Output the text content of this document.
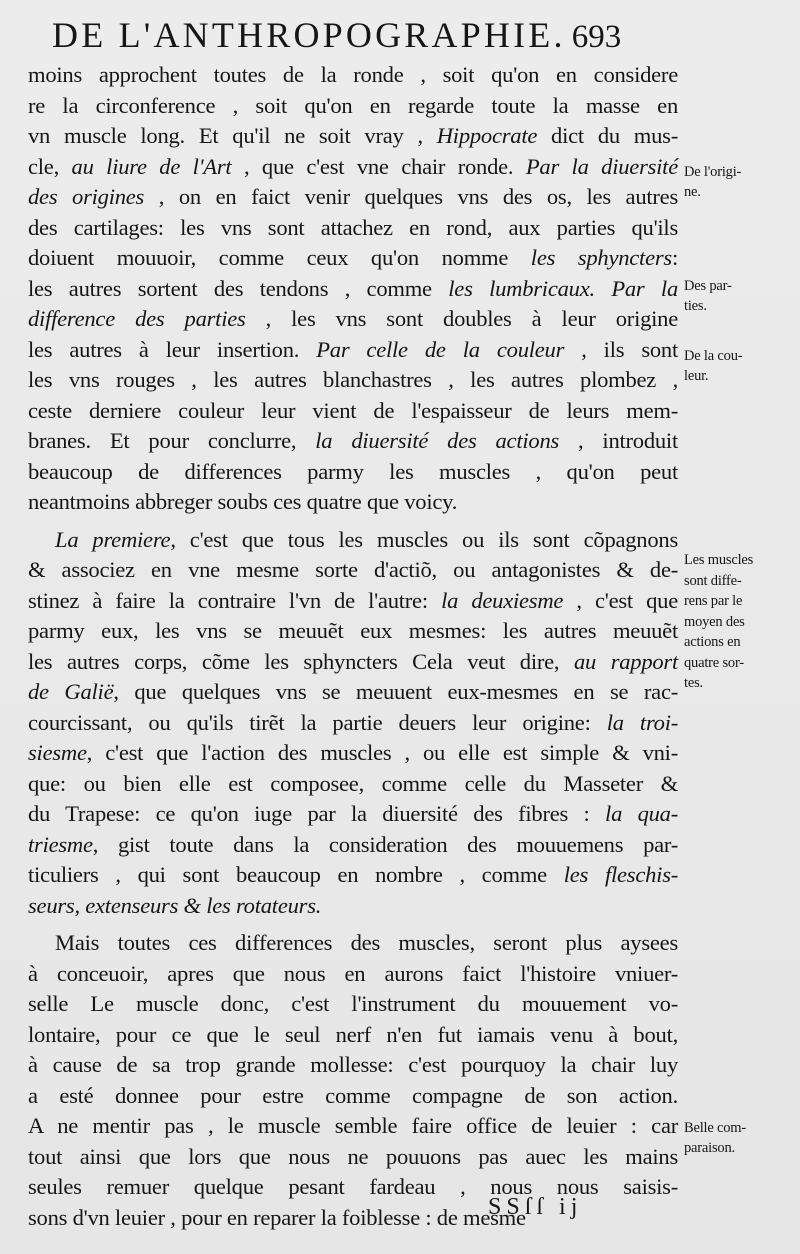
DE L'ANTHROPOGRAPHIE. 693
moins approchent toutes de la ronde , soit qu'on en considere
re la circonference , soit qu'on en regarde toute la masse en
vn muscle long. Et qu'il ne soit vray , Hippocrate dict du mus-
cle, au liure de l'Art , que c'est vne chair ronde. Par la diuersité
des origines , on en faict venir quelques vns des os, les autres
des cartilages: les vns sont attachez en rond, aux parties qu'ils
doiuent mouuoir, comme ceux qu'on nomme les sphyncters:
les autres sortent des tendons , comme les lumbricaux. Par la
difference des parties , les vns sont doubles à leur origine
les autres à leur insertion. Par celle de la couleur , ils sont
les vns rouges , les autres blanchastres , les autres plombez ,
ceste derniere couleur leur vient de l'espaisseur de leurs mem-
branes. Et pour conclurre, la diuersité des actions , introduit
beaucoup de differences parmy les muscles , qu'on peut
neantmoins abbreger soubs ces quatre que voicy.
La premiere, c'est que tous les muscles ou ils sont cõpagnons
& associez en vne mesme sorte d'actiõ, ou antagonistes & de-
stinez à faire la contraire l'vn de l'autre: la deuxiesme , c'est que
parmy eux, les vns se meuuẽt eux mesmes: les autres meuuẽt
les autres corps, cõme les sphyncters Cela veut dire, au rapport
de Galië, que quelques vns se meuuent eux-mesmes en se rac-
courcissant, ou qu'ils tirẽt la partie deuers leur origine: la troi-
siesme, c'est que l'action des muscles , ou elle est simple & vni-
que: ou bien elle est composee, comme celle du Masseter &
du Trapese: ce qu'on iuge par la diuersité des fibres : la qua-
triesme, gist toute dans la consideration des mouuemens par-
ticuliers , qui sont beaucoup en nombre , comme les fleschis-
seurs, extenseurs & les rotateurs.
Mais toutes ces differences des muscles, seront plus aysees
à conceuoir, apres que nous en aurons faict l'histoire vniuer-
selle Le muscle donc, c'est l'instrument du mouuement vo-
lontaire, pour ce que le seul nerf n'en fut iamais venu à bout,
à cause de sa trop grande mollesse: c'est pourquoy la chair luy
a esté donnee pour estre comme compagne de son action.
A ne mentir pas , le muscle semble faire office de leuier : car
tout ainsi que lors que nous ne pouuons pas auec les mains
seules remuer quelque pesant fardeau , nous nous saisis-
sons d'vn leuier , pour en reparer la foiblesse : de mesme
De l'origi-
ne.
Des par-
ties.
De la cou-
leur.
Les muscles
sont diffe-
rens par le
moyen des
actions en
quatre sor-
tes.
Belle com-
paraison.
SSſſ ij
